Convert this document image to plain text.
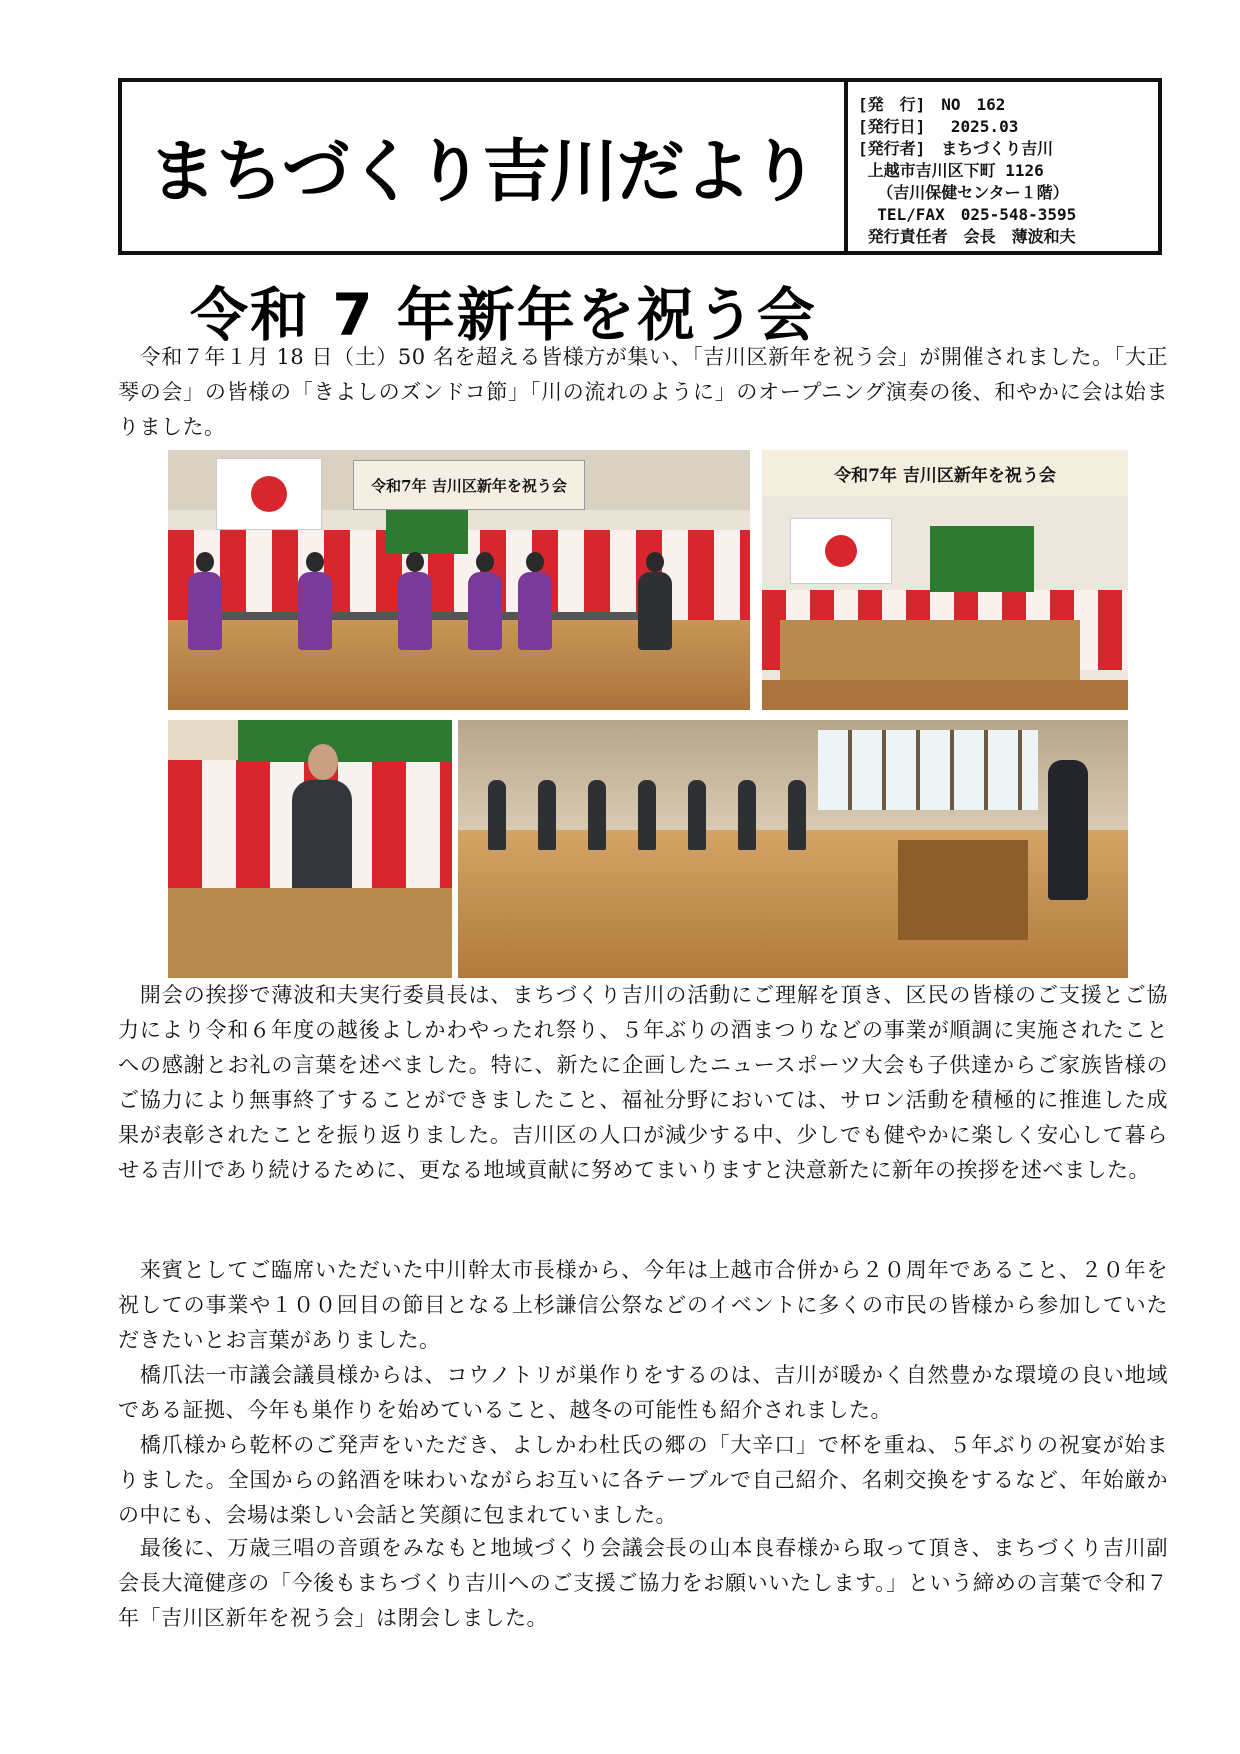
まちづくり吉川だより
[発　行]　NO　162
[発行日]　 2025.03
[発行者]　まちづくり吉川
上越市吉川区下町 1126
（吉川保健センター１階）
TEL/FAX　025-548-3595
発行責任者　会長　薄波和夫
令和 7 年新年を祝う会

　令和７年１月 18 日（土）50 名を超える皆様方が集い、「吉川区新年を祝う会」が開催されました。「大正琴の会」の皆様の「きよしのズンドコ節」「川の流れのように」のオープニング演奏の後、和やかに会は始まりました。

令和7年 吉川区新年を祝う会	令和7年 吉川区新年を祝う会

　開会の挨拶で薄波和夫実行委員長は、まちづくり吉川の活動にご理解を頂き、区民の皆様のご支援とご協力により令和６年度の越後よしかわやったれ祭り、５年ぶりの酒まつりなどの事業が順調に実施されたことへの感謝とお礼の言葉を述べました。特に、新たに企画したニュースポーツ大会も子供達からご家族皆様のご協力により無事終了することができましたこと、福祉分野においては、サロン活動を積極的に推進した成果が表彰されたことを振り返りました。吉川区の人口が減少する中、少しでも健やかに楽しく安心して暮らせる吉川であり続けるために、更なる地域貢献に努めてまいりますと決意新たに新年の挨拶を述べました。

　来賓としてご臨席いただいた中川幹太市長様から、今年は上越市合併から２０周年であること、２０年を祝しての事業や１００回目の節目となる上杉謙信公祭などのイベントに多くの市民の皆様から参加していただきたいとお言葉がありました。

　橋爪法一市議会議員様からは、コウノトリが巣作りをするのは、吉川が暖かく自然豊かな環境の良い地域である証拠、今年も巣作りを始めていること、越冬の可能性も紹介されました。

　橋爪様から乾杯のご発声をいただき、よしかわ杜氏の郷の「大辛口」で杯を重ね、５年ぶりの祝宴が始まりました。全国からの銘酒を味わいながらお互いに各テーブルで自己紹介、名刺交換をするなど、年始厳かの中にも、会場は楽しい会話と笑顔に包まれていました。

　最後に、万歳三唱の音頭をみなもと地域づくり会議会長の山本良春様から取って頂き、まちづくり吉川副会長大滝健彦の「今後もまちづくり吉川へのご支援ご協力をお願いいたします。」という締めの言葉で令和７年「吉川区新年を祝う会」は閉会しました。
